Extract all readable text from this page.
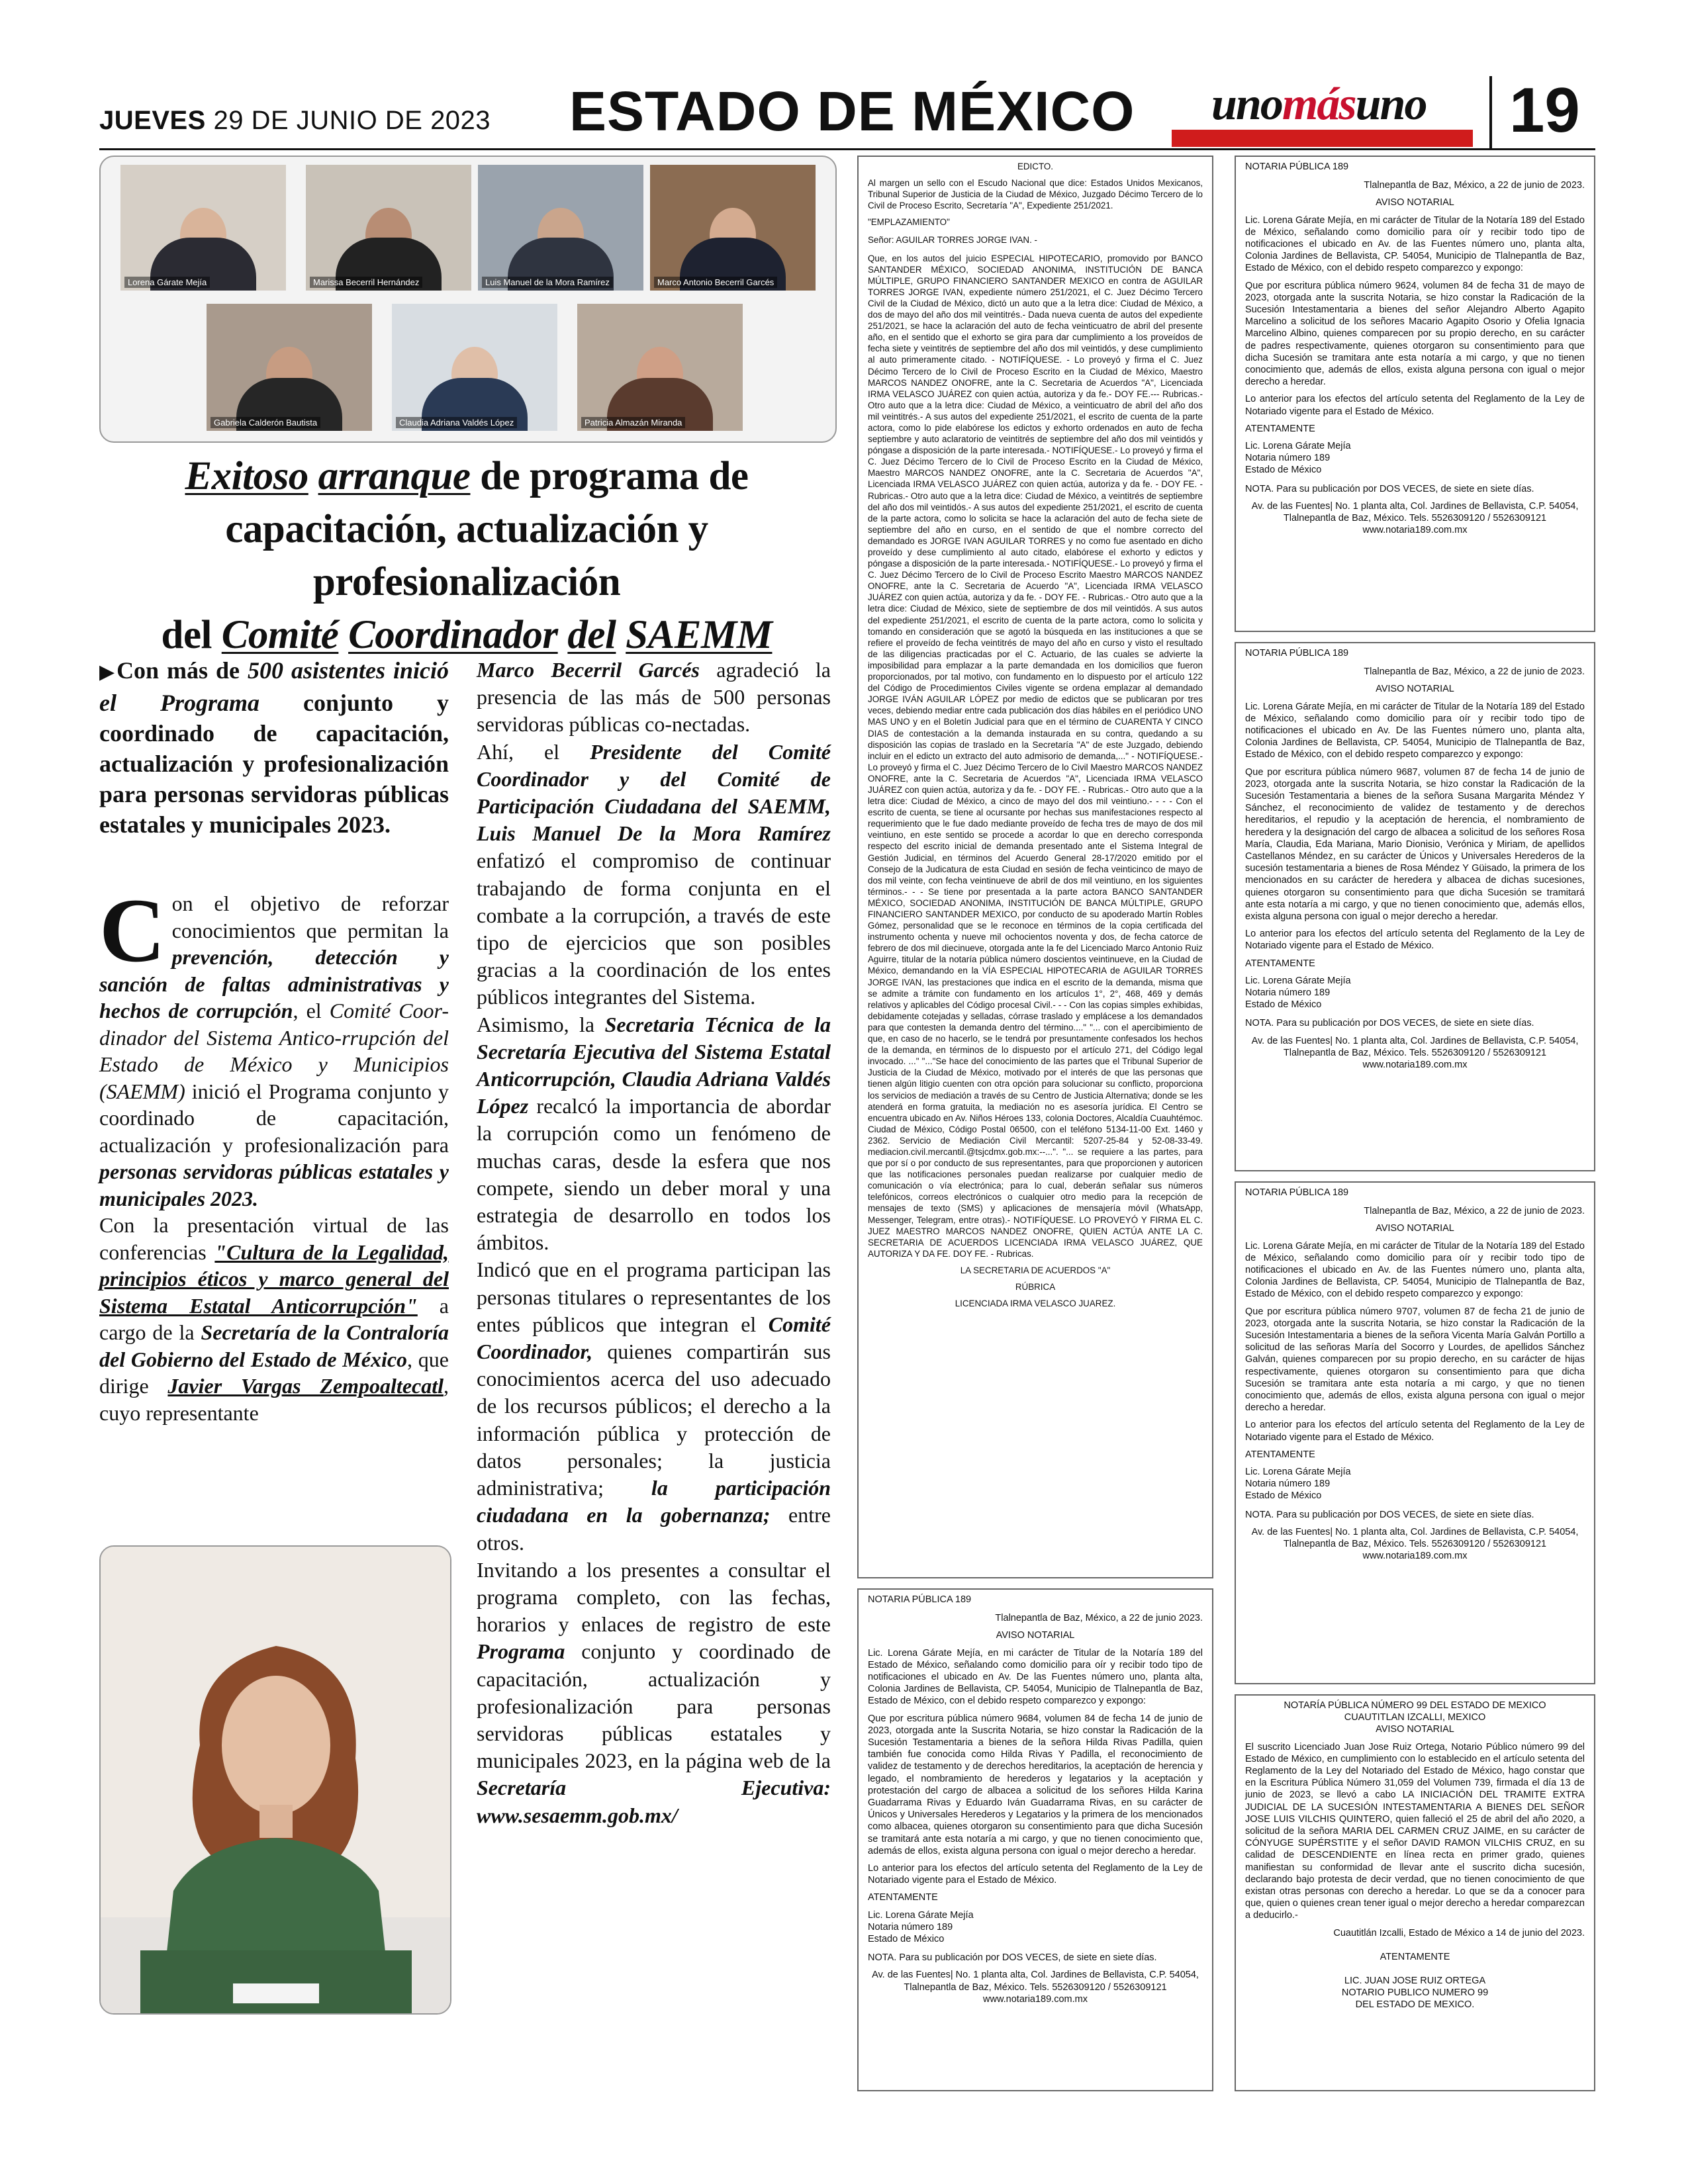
JUEVES 29 DE JUNIO DE 2023 ESTADO DE MÉXICO unomásuno 19
Lorena Gárate Mejía	Marissa Becerril Hernández	Luis Manuel de la Mora Ramírez	Marco Antonio Becerril Garcés
Gabriela Calderón Bautista	Claudia Adriana Valdés López	Patricia Almazán Miranda
Exitoso arranque de programa de
capacitación, actualización y profesionalización
del Comité Coordinador del SAEMM
▶Con más de 500 asistentes inició el Programa conjunto y coordinado de capacitación, actualización y profesionalización para personas servidoras públicas estatales y municipales 2023.
Con el objetivo de reforzar conocimientos que permitan la prevención, detección y sanción de faltas administrativas y hechos de corrupción, el Comité Coor-dinador del Sistema Antico-rrupción del Estado de México y Municipios (SAEMM) inició el Programa conjunto y coordinado de capacitación, actualización y profesionalización para personas servidoras públicas estatales y municipales 2023.
Con la presentación virtual de las conferencias "Cultura de la Legalidad, principios éticos y marco general del Sistema Estatal Anticorrupción" a cargo de la Secretaría de la Contraloría del Gobierno del Estado de México, que dirige Javier Vargas Zempoaltecatl, cuyo representante
Marco Becerril Garcés agradeció la presencia de las más de 500 personas servidoras públicas co-nectadas.
Ahí, el Presidente del Comité Coordinador y del Comité de Participación Ciudadana del SAEMM, Luis Manuel De la Mora Ramírez enfatizó el compromiso de continuar trabajando de forma conjunta en el combate a la corrupción, a través de este tipo de ejercicios que son posibles gracias a la coordinación de los entes públicos integrantes del Sistema.
Asimismo, la Secretaria Técnica de la Secretaría Ejecutiva del Sistema Estatal Anticorrupción, Claudia Adriana Valdés López recalcó la importancia de abordar la corrupción como un fenómeno de muchas caras, desde la esfera que nos compete, siendo un deber moral y una estrategia de desarrollo en todos los ámbitos.
Indicó que en el programa participan las personas titulares o representantes de los entes públicos que integran el Comité Coordinador, quienes compartirán sus conocimientos acerca del uso adecuado de los recursos públicos; el derecho a la información pública y protección de datos personales; la justicia administrativa; la participación ciudadana en la gobernanza; entre otros.
Invitando a los presentes a consultar el programa completo, con las fechas, horarios y enlaces de registro de este Programa conjunto y coordinado de capacitación, actualización y profesionalización para personas servidoras públicas estatales y municipales 2023, en la página web de la Secretaría Ejecutiva: www.sesaemm.gob.mx/
EDICTO.
Al margen un sello con el Escudo Nacional que dice: Estados Unidos Mexicanos, Tribunal Superior de Justicia de la Ciudad de México, Juzgado Décimo Tercero de lo Civil de Proceso Escrito, Secretaría "A", Expediente 251/2021.
"EMPLAZAMIENTO"
Señor: AGUILAR TORRES JORGE IVAN. -
Que, en los autos del juicio ESPECIAL HIPOTECARIO, promovido por BANCO SANTANDER MÉXICO, SOCIEDAD ANONIMA, INSTITUCIÓN DE BANCA MÚLTIPLE, GRUPO FINANCIERO SANTANDER MEXICO en contra de AGUILAR TORRES JORGE IVAN, expediente número 251/2021, el C. Juez Décimo Tercero Civil de la Ciudad de México, dictó un auto que a la letra dice: Ciudad de México, a dos de mayo del año dos mil veintitrés.- Dada nueva cuenta de autos del expediente 251/2021, se hace la aclaración del auto de fecha veinticuatro de abril del presente año, en el sentido que el exhorto se gira para dar cumplimiento a los proveídos de fecha siete y veintitrés de septiembre del año dos mil veintidós, y dese cumplimiento al auto primeramente citado. - NOTIFÍQUESE. - Lo proveyó y firma el C. Juez Décimo Tercero de lo Civil de Proceso Escrito en la Ciudad de México, Maestro MARCOS NANDEZ ONOFRE, ante la C. Secretaria de Acuerdos "A", Licenciada IRMA VELASCO JUÁREZ con quien actúa, autoriza y da fe.- DOY FE.--- Rubricas.- Otro auto que a la letra dice: Ciudad de México, a veinticuatro de abril del año dos mil veintitrés.- A sus autos del expediente 251/2021, el escrito de cuenta de la parte actora, como lo pide elabórese los edictos y exhorto ordenados en auto de fecha septiembre y auto aclaratorio de veintitrés de septiembre del año dos mil veintidós y póngase a disposición de la parte interesada.- NOTIFÍQUESE.- Lo proveyó y firma el C. Juez Décimo Tercero de lo Civil de Proceso Escrito en la Ciudad de México, Maestro MARCOS NANDEZ ONOFRE, ante la C. Secretaria de Acuerdos "A", Licenciada IRMA VELASCO JUÁREZ con quien actúa, autoriza y da fe. - DOY FE. -Rubricas.- Otro auto que a la letra dice: Ciudad de México, a veintitrés de septiembre del año dos mil veintidós.- A sus autos del expediente 251/2021, el escrito de cuenta de la parte actora, como lo solicita se hace la aclaración del auto de fecha siete de septiembre del año en curso, en el sentido de que el nombre correcto del demandado es JORGE IVAN AGUILAR TORRES y no como fue asentado en dicho proveído y dese cumplimiento al auto citado, elabórese el exhorto y edictos y póngase a disposición de la parte interesada.- NOTIFÍQUESE.- Lo proveyó y firma el C. Juez Décimo Tercero de lo Civil de Proceso Escrito Maestro MARCOS NANDEZ ONOFRE, ante la C. Secretaria de Acuerdo "A", Licenciada IRMA VELASCO JUÁREZ con quien actúa, autoriza y da fe. - DOY FE. - Rubricas.- Otro auto que a la letra dice: Ciudad de México, siete de septiembre de dos mil veintidós. A sus autos del expediente 251/2021, el escrito de cuenta de la parte actora, como lo solicita y tomando en consideración que se agotó la búsqueda en las instituciones a que se refiere el proveído de fecha veintitrés de mayo del año en curso y visto el resultado de las diligencias practicadas por el C. Actuario, de las cuales se advierte la imposibilidad para emplazar a la parte demandada en los domicilios que fueron proporcionados, por tal motivo, con fundamento en lo dispuesto por el artículo 122 del Código de Procedimientos Civiles vigente se ordena emplazar al demandado JORGE IVÁN AGUILAR LÓPEZ por medio de edictos que se publicaran por tres veces, debiendo mediar entre cada publicación dos días hábiles en el periódico UNO MAS UNO y en el Boletín Judicial para que en el término de CUARENTA Y CINCO DIAS de contestación a la demanda instaurada en su contra, quedando a su disposición las copias de traslado en la Secretaría "A" de este Juzgado, debiendo incluir en el edicto un extracto del auto admisorio de demanda,..." - NOTIFÍQUESE.- Lo proveyó y firma el C. Juez Décimo Tercero de lo Civil Maestro MARCOS NANDEZ ONOFRE, ante la C. Secretaria de Acuerdos "A", Licenciada IRMA VELASCO JUÁREZ con quien actúa, autoriza y da fe. - DOY FE. - Rubricas.- Otro auto que a la letra dice: Ciudad de México, a cinco de mayo del dos mil veintiuno.- - - - Con el escrito de cuenta, se tiene al ocursante por hechas sus manifestaciones respecto al requerimiento que le fue dado mediante proveído de fecha tres de mayo de dos mil veintiuno, en este sentido se procede a acordar lo que en derecho corresponda respecto del escrito inicial de demanda presentado ante el Sistema Integral de Gestión Judicial, en términos del Acuerdo General 28-17/2020 emitido por el Consejo de la Judicatura de esta Ciudad en sesión de fecha veinticinco de mayo de dos mil veinte, con fecha veintinueve de abril de dos mil veintiuno, en los siguientes términos.- - - Se tiene por presentada a la parte actora BANCO SANTANDER MÉXICO, SOCIEDAD ANONIMA, INSTITUCIÓN DE BANCA MÚLTIPLE, GRUPO FINANCIERO SANTANDER MEXICO, por conducto de su apoderado Martín Robles Gómez, personalidad que se le reconoce en términos de la copia certificada del instrumento ochenta y nueve mil ochocientos noventa y dos, de fecha catorce de febrero de dos mil diecinueve, otorgada ante la fe del Licenciado Marco Antonio Ruiz Aguirre, titular de la notaría pública número doscientos veintinueve, en la Ciudad de México, demandando en la VÍA ESPECIAL HIPOTECARIA de AGUILAR TORRES JORGE IVAN, las prestaciones que indica en el escrito de la demanda, misma que se admite a trámite con fundamento en los artículos 1°, 2°, 468, 469 y demás relativos y aplicables del Código procesal Civil.- - - Con las copias simples exhibidas, debidamente cotejadas y selladas, córrase traslado y emplácese a los demandados para que contesten la demanda dentro del término...." "... con el apercibimiento de que, en caso de no hacerlo, se le tendrá por presuntamente confesados los hechos de la demanda, en términos de lo dispuesto por el artículo 271, del Código legal invocado. ..." "..."Se hace del conocimiento de las partes que el Tribunal Superior de Justicia de la Ciudad de México, motivado por el interés de que las personas que tienen algún litigio cuenten con otra opción para solucionar su conflicto, proporciona los servicios de mediación a través de su Centro de Justicia Alternativa; donde se les atenderá en forma gratuita, la mediación no es asesoría jurídica. El Centro se encuentra ubicado en Av. Niños Héroes 133, colonia Doctores, Alcaldía Cuauhtémoc. Ciudad de México, Código Postal 06500, con el teléfono 5134-11-00 Ext. 1460 y 2362. Servicio de Mediación Civil Mercantil: 5207-25-84 y 52-08-33-49. mediacion.civil.mercantil.@tsjcdmx.gob.mx:--...". "... se requiere a las partes, para que por sí o por conducto de sus representantes, para que proporcionen y autoricen que las notificaciones personales puedan realizarse por cualquier medio de comunicación o vía electrónica; para lo cual, deberán señalar sus números telefónicos, correos electrónicos o cualquier otro medio para la recepción de mensajes de texto (SMS) y aplicaciones de mensajería móvil (WhatsApp, Messenger, Telegram, entre otras).- NOTIFÍQUESE. LO PROVEYÓ Y FIRMA EL C. JUEZ MAESTRO MARCOS NANDEZ ONOFRE, QUIEN ACTÚA ANTE LA C. SECRETARIA DE ACUERDOS LICENCIADA IRMA VELASCO JUÁREZ, QUE AUTORIZA Y DA FE. DOY FE. - Rubricas.
LA SECRETARIA DE ACUERDOS "A"
RÚBRICA
LICENCIADA IRMA VELASCO JUAREZ.
NOTARIA PÚBLICA 189
Tlalnepantla de Baz, México, a 22 de junio 2023.
AVISO NOTARIAL
Lic. Lorena Gárate Mejía, en mi carácter de Titular de la Notaría 189 del Estado de México, señalando como domicilio para oír y recibir todo tipo de notificaciones el ubicado en Av. De las Fuentes número uno, planta alta, Colonia Jardines de Bellavista, CP. 54054, Municipio de Tlalnepantla de Baz, Estado de México, con el debido respeto comparezco y expongo:
Que por escritura pública número 9684, volumen 84 de fecha 14 de junio de 2023, otorgada ante la Suscrita Notaria, se hizo constar la Radicación de la Sucesión Testamentaria a bienes de la señora Hilda Rivas Padilla, quien también fue conocida como Hilda Rivas Y Padilla, el reconocimiento de validez de testamento y de derechos hereditarios, la aceptación de herencia y legado, el nombramiento de herederos y legatarios y la aceptación y protestación del cargo de albacea a solicitud de los señores Hilda Karina Guadarrama Rivas y Eduardo Iván Guadarrama Rivas, en su carácter de Únicos y Universales Herederos y Legatarios y la primera de los mencionados como albacea, quienes otorgaron su consentimiento para que dicha Sucesión se tramitará ante esta notaría a mi cargo, y que no tienen conocimiento que, además de ellos, exista alguna persona con igual o mejor derecho a heredar.
Lo anterior para los efectos del artículo setenta del Reglamento de la Ley de Notariado vigente para el Estado de México.
ATENTAMENTE
Lic. Lorena Gárate Mejía
Notaria número 189
Estado de México
NOTA. Para su publicación por DOS VECES, de siete en siete días.
Av. de las Fuentes| No. 1 planta alta, Col. Jardines de Bellavista, C.P. 54054, Tlalnepantla de Baz, México. Tels. 5526309120 / 5526309121 www.notaria189.com.mx
NOTARIA PÚBLICA 189
Tlalnepantla de Baz, México, a 22 de junio de 2023.
AVISO NOTARIAL
Lic. Lorena Gárate Mejía, en mi carácter de Titular de la Notaría 189 del Estado de México, señalando como domicilio para oír y recibir todo tipo de notificaciones el ubicado en Av. de las Fuentes número uno, planta alta, Colonia Jardines de Bellavista, CP. 54054, Municipio de Tlalnepantla de Baz, Estado de México, con el debido respeto comparezco y expongo:
Que por escritura pública número 9624, volumen 84 de fecha 31 de mayo de 2023, otorgada ante la suscrita Notaria, se hizo constar la Radicación de la Sucesión Intestamentaria a bienes del señor Alejandro Alberto Agapito Marcelino a solicitud de los señores Macario Agapito Osorio y Ofelia Ignacia Marcelino Albino, quienes comparecen por su propio derecho, en su carácter de padres respectivamente, quienes otorgaron su consentimiento para que dicha Sucesión se tramitara ante esta notaría a mi cargo, y que no tienen conocimiento que, además de ellos, exista alguna persona con igual o mejor derecho a heredar.
Lo anterior para los efectos del artículo setenta del Reglamento de la Ley de Notariado vigente para el Estado de México.
ATENTAMENTE
Lic. Lorena Gárate Mejía
Notaria número 189
Estado de México
NOTA. Para su publicación por DOS VECES, de siete en siete días.
Av. de las Fuentes| No. 1 planta alta, Col. Jardines de Bellavista, C.P. 54054, Tlalnepantla de Baz, México. Tels. 5526309120 / 5526309121 www.notaria189.com.mx
NOTARIA PÚBLICA 189
Tlalnepantla de Baz, México, a 22 de junio de 2023.
AVISO NOTARIAL
Lic. Lorena Gárate Mejía, en mi carácter de Titular de la Notaría 189 del Estado de México, señalando como domicilio para oír y recibir todo tipo de notificaciones el ubicado en Av. De las Fuentes número uno, planta alta, Colonia Jardines de Bellavista, CP. 54054, Municipio de Tlalnepantla de Baz, Estado de México, con el debido respeto comparezco y expongo:
Que por escritura pública número 9687, volumen 87 de fecha 14 de junio de 2023, otorgada ante la suscrita Notaria, se hizo constar la Radicación de la Sucesión Testamentaria a bienes de la señora Susana Margarita Méndez Y Sánchez, el reconocimiento de validez de testamento y de derechos hereditarios, el repudio y la aceptación de herencia, el nombramiento de heredera y la designación del cargo de albacea a solicitud de los señores Rosa María, Claudia, Eda Mariana, Mario Dionisio, Verónica y Miriam, de apellidos Castellanos Méndez, en su carácter de Únicos y Universales Herederos de la sucesión testamentaria a bienes de Rosa Méndez Y Güisado, la primera de los mencionados en su carácter de heredera y albacea de dichas sucesiones, quienes otorgaron su consentimiento para que dicha Sucesión se tramitará ante esta notaría a mi cargo, y que no tienen conocimiento que, además ellos, exista alguna persona con igual o mejor derecho a heredar.
Lo anterior para los efectos del artículo setenta del Reglamento de la Ley de Notariado vigente para el Estado de México.
ATENTAMENTE
Lic. Lorena Gárate Mejía
Notaria número 189
Estado de México
NOTA. Para su publicación por DOS VECES, de siete en siete días.
Av. de las Fuentes| No. 1 planta alta, Col. Jardines de Bellavista, C.P. 54054, Tlalnepantla de Baz, México. Tels. 5526309120 / 5526309121 www.notaria189.com.mx
NOTARIA PÚBLICA 189
Tlalnepantla de Baz, México, a 22 de junio de 2023.
AVISO NOTARIAL
Lic. Lorena Gárate Mejía, en mi carácter de Titular de la Notaría 189 del Estado de México, señalando como domicilio para oír y recibir todo tipo de notificaciones el ubicado en Av. de las Fuentes número uno, planta alta, Colonia Jardines de Bellavista, CP. 54054, Municipio de Tlalnepantla de Baz, Estado de México, con el debido respeto comparezco y expongo:
Que por escritura pública número 9707, volumen 87 de fecha 21 de junio de 2023, otorgada ante la suscrita Notaria, se hizo constar la Radicación de la Sucesión Intestamentaria a bienes de la señora Vicenta María Galván Portillo a solicitud de las señoras María del Socorro y Lourdes, de apellidos Sánchez Galván, quienes comparecen por su propio derecho, en su carácter de hijas respectivamente, quienes otorgaron su consentimiento para que dicha Sucesión se tramitara ante esta notaría a mi cargo, y que no tienen conocimiento que, además de ellos, exista alguna persona con igual o mejor derecho a heredar.
Lo anterior para los efectos del artículo setenta del Reglamento de la Ley de Notariado vigente para el Estado de México.
ATENTAMENTE
Lic. Lorena Gárate Mejía
Notaria número 189
Estado de México
NOTA. Para su publicación por DOS VECES, de siete en siete días.
Av. de las Fuentes| No. 1 planta alta, Col. Jardines de Bellavista, C.P. 54054, Tlalnepantla de Baz, México. Tels. 5526309120 / 5526309121 www.notaria189.com.mx
NOTARÍA PÚBLICA NÚMERO 99 DEL ESTADO DE MEXICO
CUAUTITLAN IZCALLI, MEXICO
AVISO NOTARIAL
El suscrito Licenciado Juan Jose Ruiz Ortega, Notario Público número 99 del Estado de México, en cumplimiento con lo establecido en el artículo setenta del Reglamento de la Ley del Notariado del Estado de México, hago constar que en la Escritura Pública Número 31,059 del Volumen 739, firmada el día 13 de junio de 2023, se llevó a cabo LA INICIACIÓN DEL TRAMITE EXTRA JUDICIAL DE LA SUCESIÓN INTESTAMENTARIA A BIENES DEL SEÑOR JOSE LUIS VILCHIS QUINTERO, quien falleció el 25 de abril del año 2020, a solicitud de la señora MARIA DEL CARMEN CRUZ JAIME, en su carácter de CÓNYUGE SUPÉRSTITE y el señor DAVID RAMON VILCHIS CRUZ, en su calidad de DESCENDIENTE en línea recta en primer grado, quienes manifiestan su conformidad de llevar ante el suscrito dicha sucesión, declarando bajo protesta de decir verdad, que no tienen conocimiento de que existan otras personas con derecho a heredar. Lo que se da a conocer para que, quien o quienes crean tener igual o mejor derecho a heredar comparezcan a deducirlo.-
Cuautitlán Izcalli, Estado de México a 14 de junio del 2023.
ATENTAMENTE
LIC. JUAN JOSE RUIZ ORTEGA
NOTARIO PUBLICO NUMERO 99
DEL ESTADO DE MEXICO.
